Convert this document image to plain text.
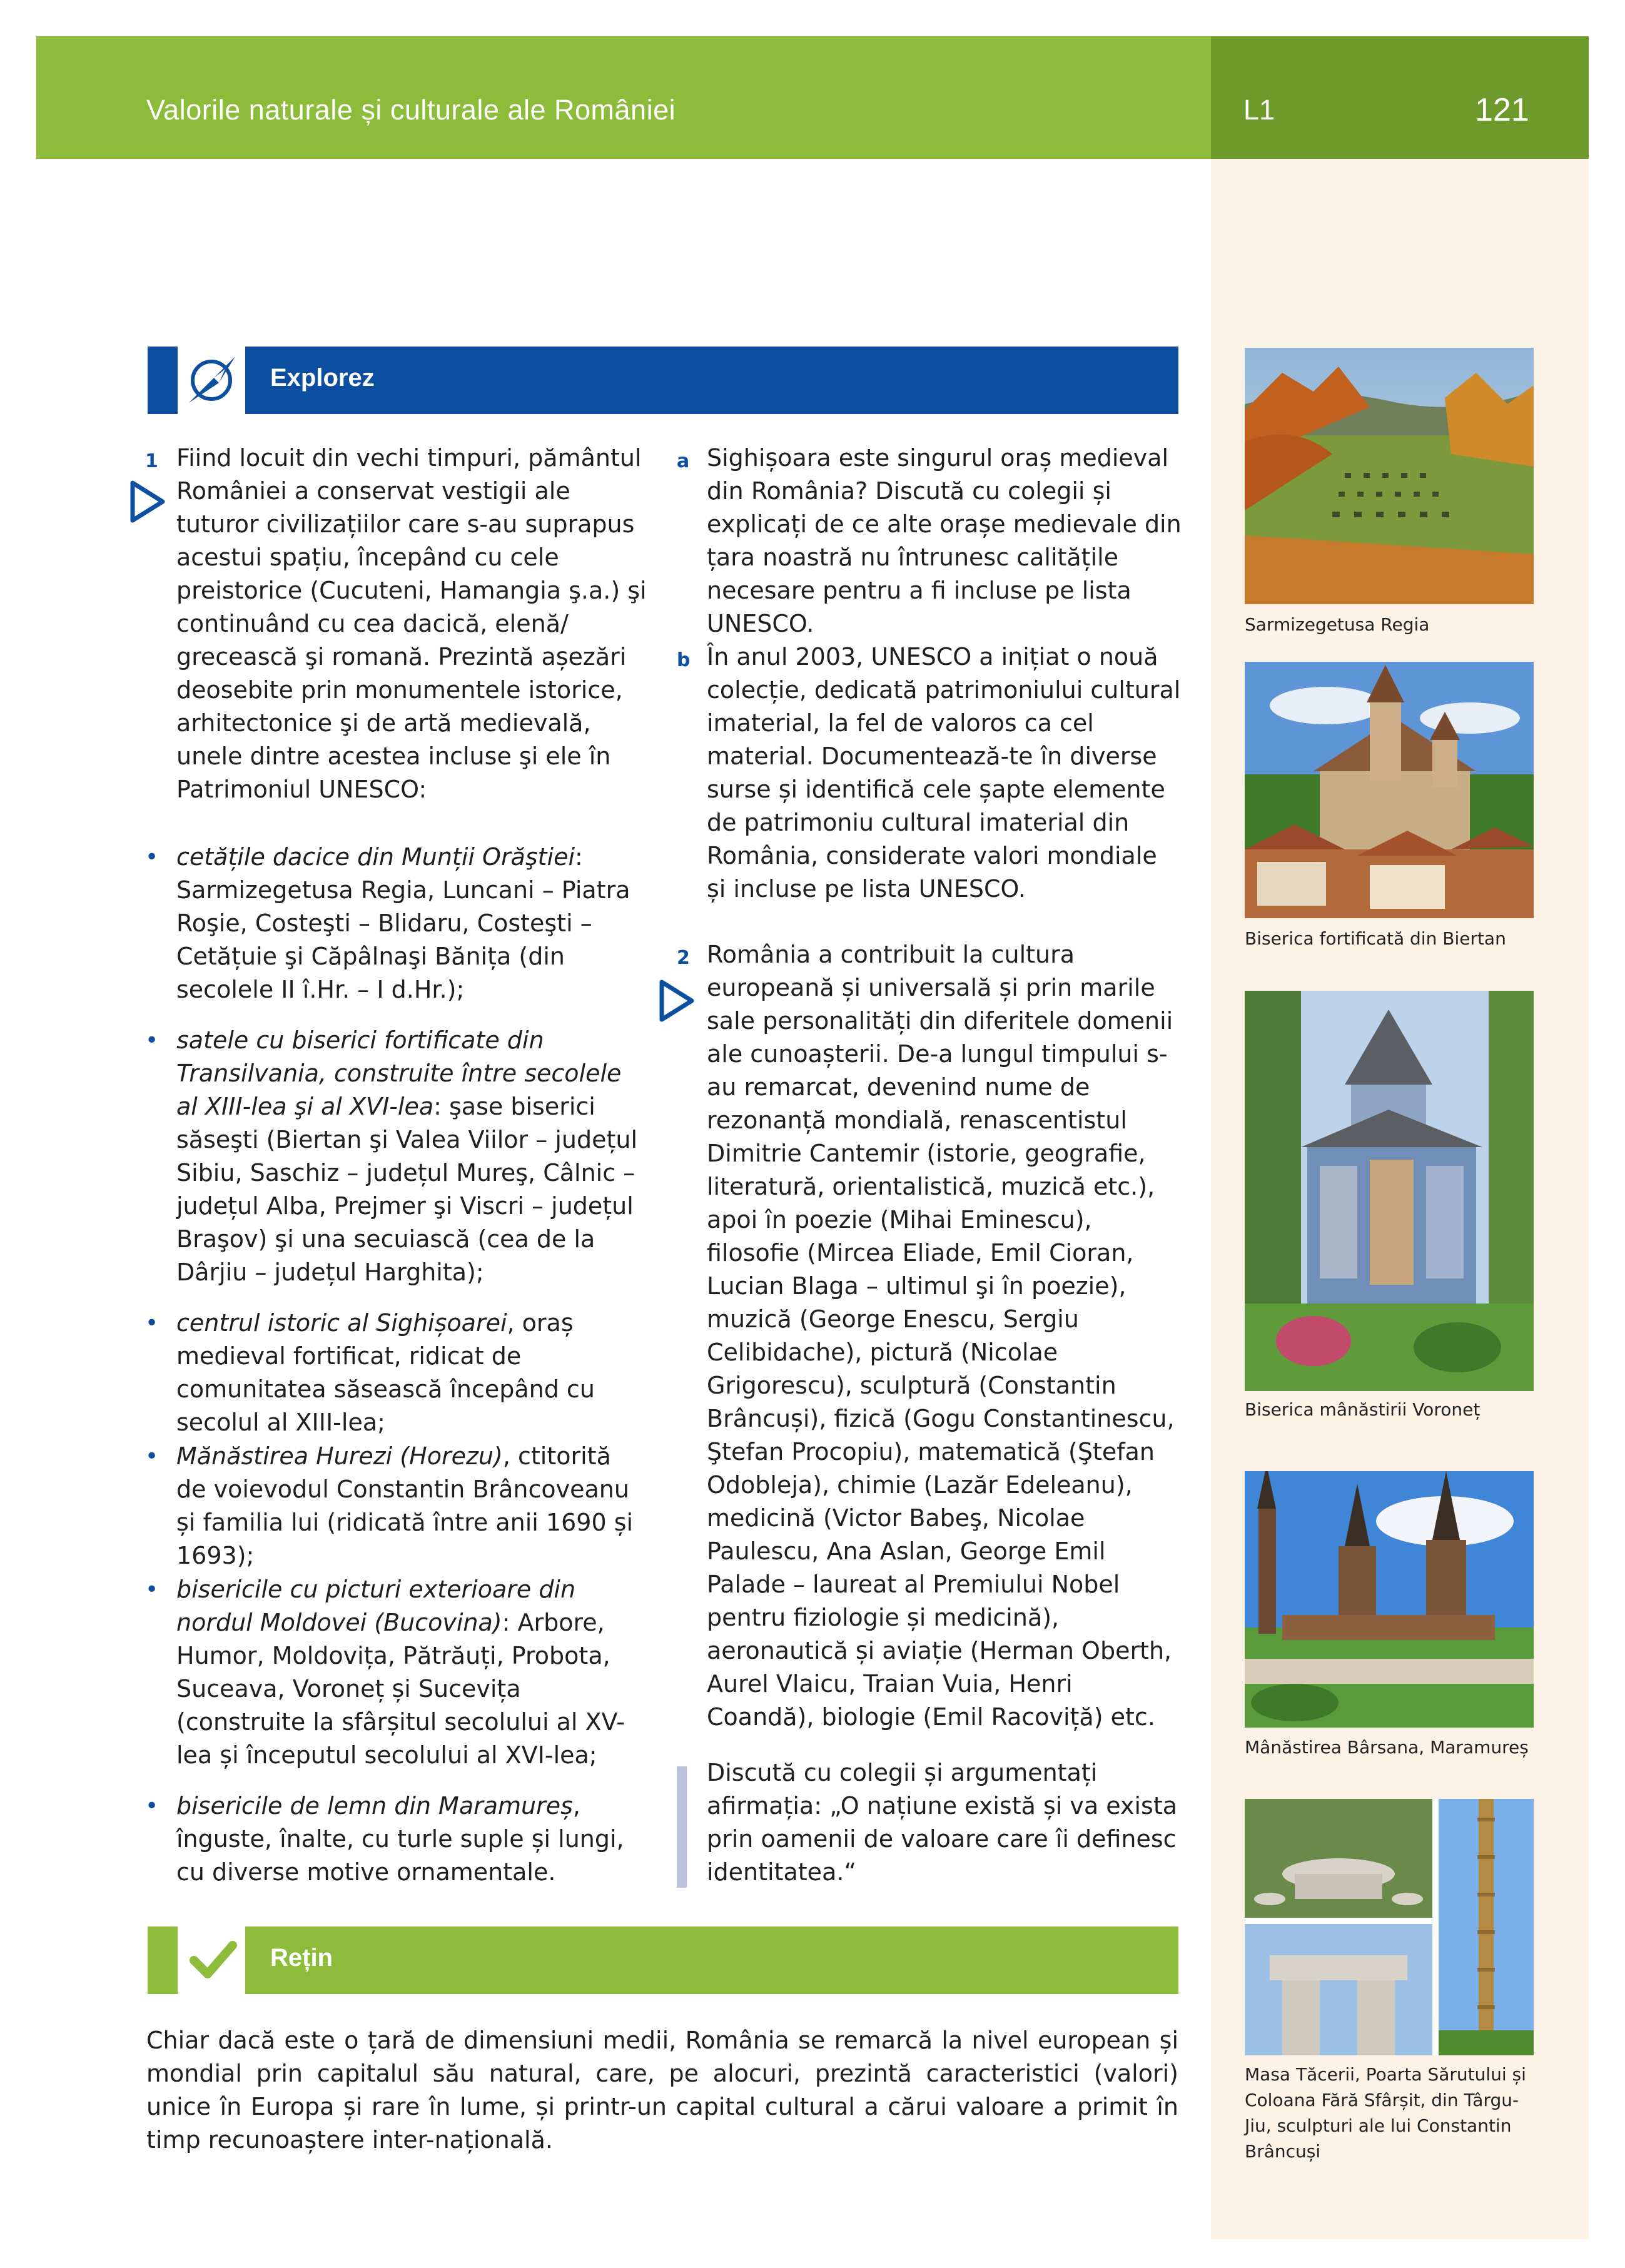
Valorile naturale și culturale ale României	L1	121
Sarmizegetusa Regia
Biserica fortificată din Biertan
Biserica mânăstirii Voroneț
Mânăstirea Bârsana, Maramureș
Masa Tăcerii, Poarta Sărutului și Coloana Fără Sfârșit, din Târgu-Jiu, sculpturi ale lui Constantin Brâncuși
Explorez
1 Fiind locuit din vechi timpuri, pământul României a conservat vestigii ale tuturor civilizațiilor care s-au suprapus acestui spațiu, începând cu cele preistorice (Cucuteni, Hamangia ş.a.) şi continuând cu cea dacică, elenă/ grecească şi romană. Prezintă așezări deosebite prin monumentele istorice, arhitectonice şi de artă medievală, unele dintre acestea incluse şi ele în Patrimoniul UNESCO:
• cetățile dacice din Munții Orăştiei: Sarmizegetusa Regia, Luncani – Piatra Roşie, Costeşti – Blidaru, Costeşti – Cetățuie şi Căpâlnaşi Bănița (din secolele II î.Hr. – I d.Hr.);
• satele cu biserici fortificate din Transilvania, construite între secolele al XIII-lea şi al XVI-lea: şase biserici săseşti (Biertan şi Valea Viilor – județul Sibiu, Saschiz – județul Mureş, Câlnic – județul Alba, Prejmer şi Viscri – județul Braşov) şi una secuiască (cea de la Dârjiu – județul Harghita);
• centrul istoric al Sighișoarei, oraș medieval fortificat, ridicat de comunitatea săsească începând cu secolul al XIII-lea;
• Mănăstirea Hurezi (Horezu), ctitorită de voievodul Constantin Brâncoveanu și familia lui (ridicată între anii 1690 și 1693);
• bisericile cu picturi exterioare din nordul Moldovei (Bucovina): Arbore, Humor, Moldovița, Pătrăuți, Probota, Suceava, Voroneț și Sucevița (construite la sfârșitul secolului al XV-lea și începutul secolului al XVI-lea;
• bisericile de lemn din Maramureș, înguste, înalte, cu turle suple și lungi, cu diverse motive ornamentale.
a Sighișoara este singurul oraș medieval din România? Discută cu colegii și explicați de ce alte orașe medievale din țara noastră nu întrunesc calitățile necesare pentru a fi incluse pe lista UNESCO.
b În anul 2003, UNESCO a inițiat o nouă colecție, dedicată patrimoniului cultural imaterial, la fel de valoros ca cel material. Documentează-te în diverse surse și identifică cele șapte elemente de patrimoniu cultural imaterial din România, considerate valori mondiale și incluse pe lista UNESCO.
2 România a contribuit la cultura europeană și universală și prin marile sale personalități din diferitele domenii ale cunoașterii. De-a lungul timpului s-au remarcat, devenind nume de rezonanță mondială, renascentistul Dimitrie Cantemir (istorie, geografie, literatură, orientalistică, muzică etc.), apoi în poezie (Mihai Eminescu), filosofie (Mircea Eliade, Emil Cioran, Lucian Blaga – ultimul şi în poezie), muzică (George Enescu, Sergiu Celibidache), pictură (Nicolae Grigorescu), sculptură (Constantin Brâncuși), fizică (Gogu Constantinescu, Ştefan Procopiu), matematică (Ştefan Odobleja), chimie (Lazăr Edeleanu), medicină (Victor Babeş, Nicolae Paulescu, Ana Aslan, George Emil Palade – laureat al Premiului Nobel pentru fiziologie și medicină), aeronautică și aviație (Herman Oberth, Aurel Vlaicu, Traian Vuia, Henri Coandă), biologie (Emil Racoviță) etc.
Discută cu colegii și argumentați afirmația: „O națiune există și va exista prin oamenii de valoare care îi definesc identitatea.“
Rețin
Chiar dacă este o țară de dimensiuni medii, România se remarcă la nivel european și mondial prin capitalul său natural, care, pe alocuri, prezintă caracteristici (valori) unice în Europa și rare în lume, și printr-un capital cultural a cărui valoare a primit în timp recunoaștere inter-națională.
